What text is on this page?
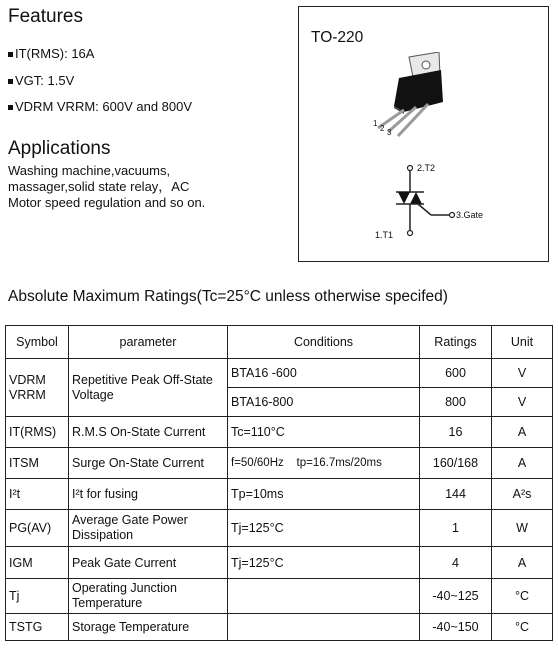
Features
IT(RMS): 16A
VGT: 1.5V
VDRM VRRM: 600V and 800V
Applications
Washing machine,vacuums,
massager,solid state relay，AC
Motor speed regulation and so on.
TO-220
1
2 3
2.T2
3.Gate
1.T1
Absolute Maximum Ratings(Tc=25°C unless otherwise specifed)
Symbol	parameter	Conditions	Ratings	Unit

VDRM
VRRM	Repetitive Peak Off-State Voltage	BTA16 -600	600	V
		BTA16-800	800	V
IT(RMS)	R.M.S On-State Current	Tc=110°C	16	A
ITSM	Surge On-State Current	f=50/60Hz    tp=16.7ms/20ms	160/168	A
I²t	I²t for fusing	Tp=10ms	144	A²s
PG(AV)	Average Gate Power Dissipation	Tj=125°C	1	W
IGM	Peak Gate Current	Tj=125°C	4	A
Tj	Operating Junction Temperature		-40~125	°C
TSTG	Storage Temperature		-40~150	°C
